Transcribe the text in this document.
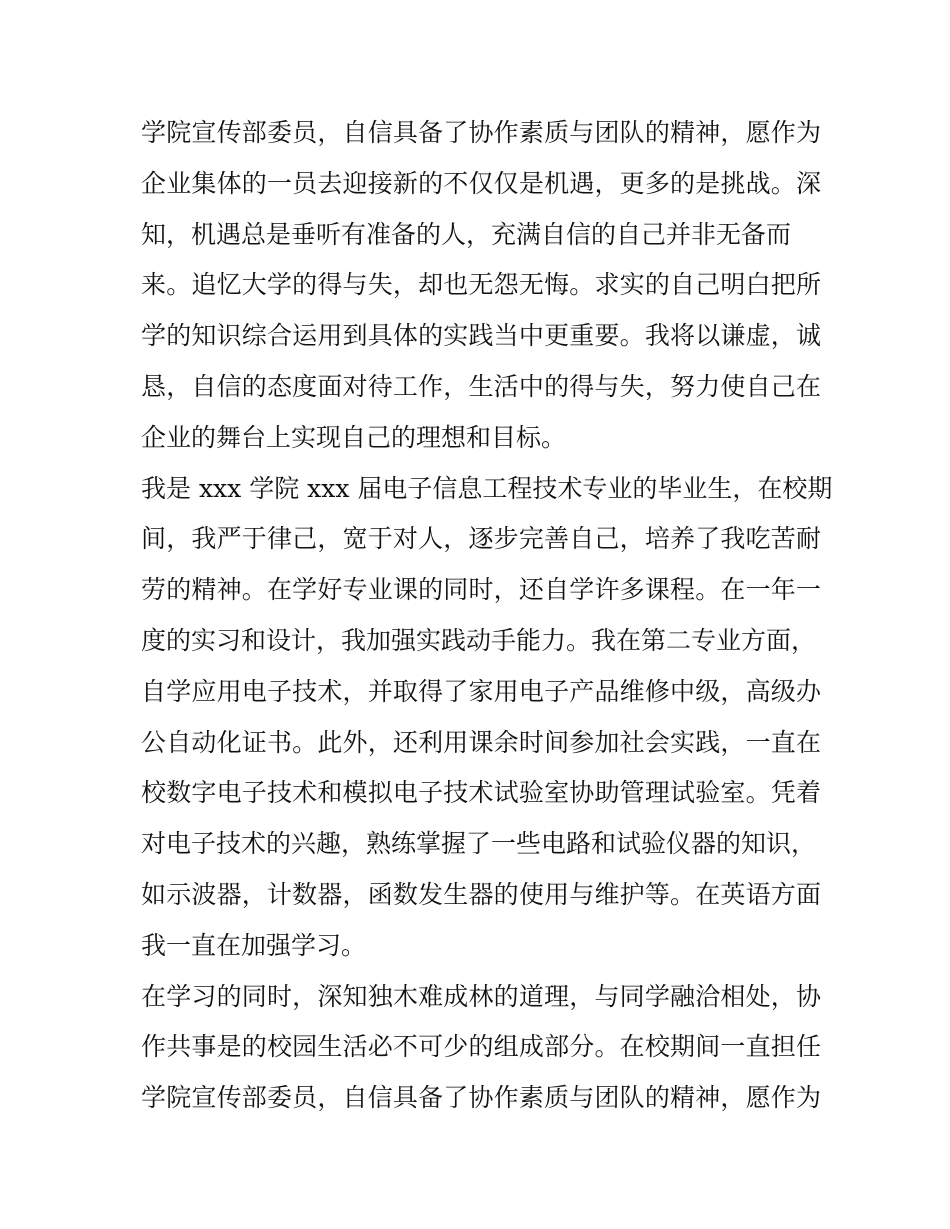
学院宣传部委员，自信具备了协作素质与团队的精神，愿作为
企业集体的一员去迎接新的不仅仅是机遇，更多的是挑战。深
知，机遇总是垂听有准备的人，充满自信的自己并非无备而
来。追忆大学的得与失，却也无怨无悔。求实的自己明白把所
学的知识综合运用到具体的实践当中更重要。我将以谦虚，诚
恳，自信的态度面对待工作，生活中的得与失，努力使自己在
企业的舞台上实现自己的理想和目标。
我是 xxx 学院 xxx 届电子信息工程技术专业的毕业生，在校期
间，我严于律己，宽于对人，逐步完善自己，培养了我吃苦耐
劳的精神。在学好专业课的同时，还自学许多课程。在一年一
度的实习和设计，我加强实践动手能力。我在第二专业方面，
自学应用电子技术，并取得了家用电子产品维修中级，高级办
公自动化证书。此外，还利用课余时间参加社会实践，一直在
校数字电子技术和模拟电子技术试验室协助管理试验室。凭着
对电子技术的兴趣，熟练掌握了一些电路和试验仪器的知识，
如示波器，计数器，函数发生器的使用与维护等。在英语方面
我一直在加强学习。
在学习的同时，深知独木难成林的道理，与同学融洽相处，协
作共事是的校园生活必不可少的组成部分。在校期间一直担任
学院宣传部委员，自信具备了协作素质与团队的精神，愿作为
